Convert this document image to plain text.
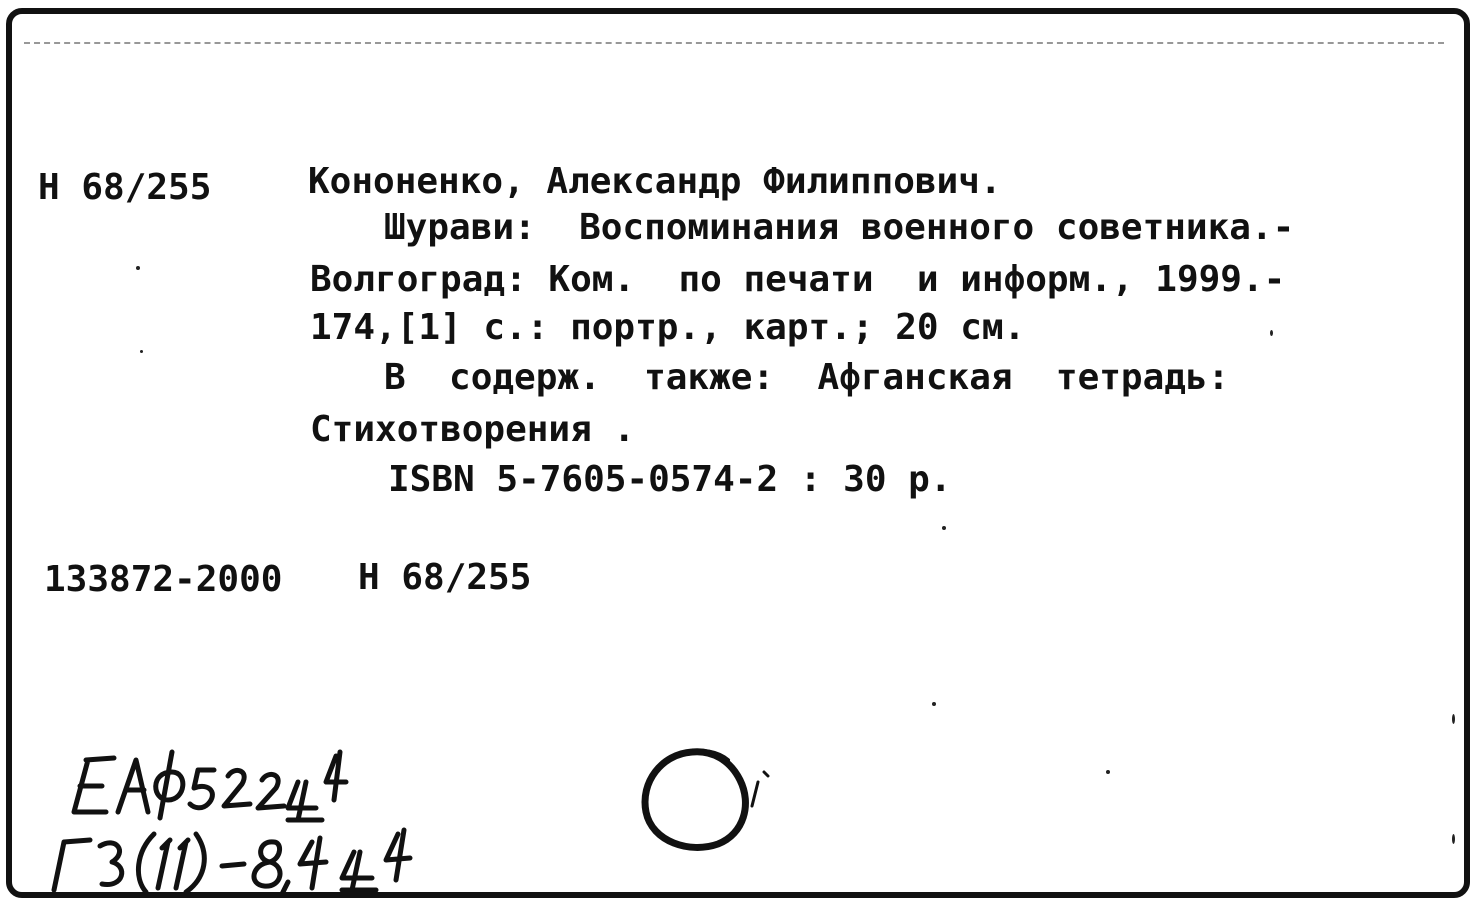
Н 68/255	Кононенко, Александр Филиппович.
Шурави:  Воспоминания военного советника.-
Волгоград: Ком.  по печати  и информ., 1999.-
174,[1] с.: портр., карт.; 20 см.
В  содерж.  также:  Афганская  тетрадь:
Стихотворения .
ISBN 5-7605-0574-2 : 30 р.
133872-2000 Н 68/255
